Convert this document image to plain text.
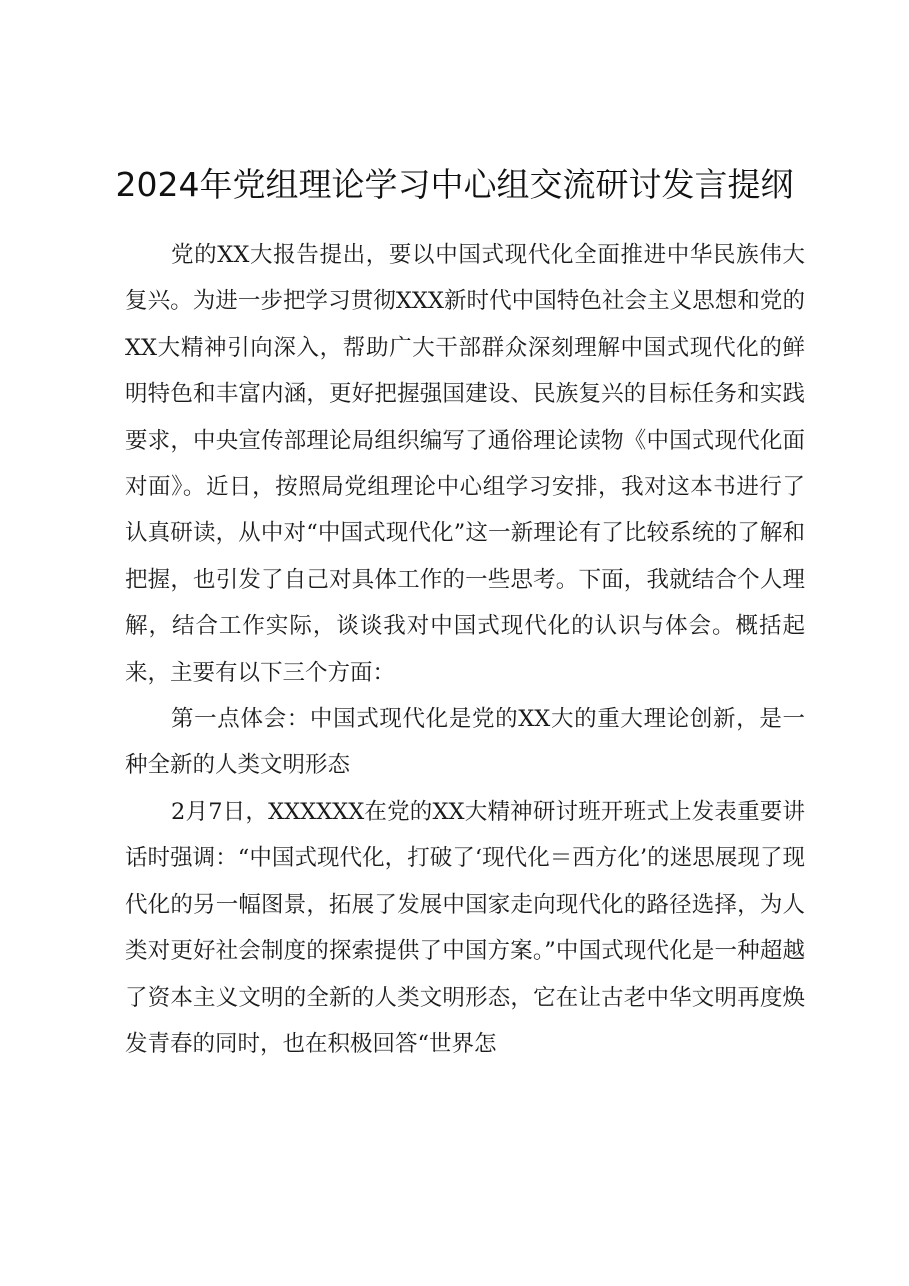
2024年党组理论学习中心组交流研讨发言提纲

党的XX大报告提出，要以中国式现代化全面推进中华民族伟大复兴。为进一步把学习贯彻XXX新时代中国特色社会主义思想和党的XX大精神引向深入，帮助广大干部群众深刻理解中国式现代化的鲜明特色和丰富内涵，更好把握强国建设、民族复兴的目标任务和实践要求，中央宣传部理论局组织编写了通俗理论读物《中国式现代化面对面》。近日，按照局党组理论中心组学习安排，我对这本书进行了认真研读，从中对“中国式现代化”这一新理论有了比较系统的了解和把握，也引发了自己对具体工作的一些思考。下面，我就结合个人理解，结合工作实际，谈谈我对中国式现代化的认识与体会。概括起来，主要有以下三个方面：

第一点体会：中国式现代化是党的XX大的重大理论创新，是一种全新的人类文明形态

2月7日，XXXXXX在党的XX大精神研讨班开班式上发表重要讲话时强调：“中国式现代化，打破了‘现代化＝西方化’的迷思展现了现代化的另一幅图景，拓展了发展中国家走向现代化的路径选择，为人类对更好社会制度的探索提供了中国方案。”中国式现代化是一种超越了资本主义文明的全新的人类文明形态，它在让古老中华文明再度焕发青春的同时，也在积极回答“世界怎
